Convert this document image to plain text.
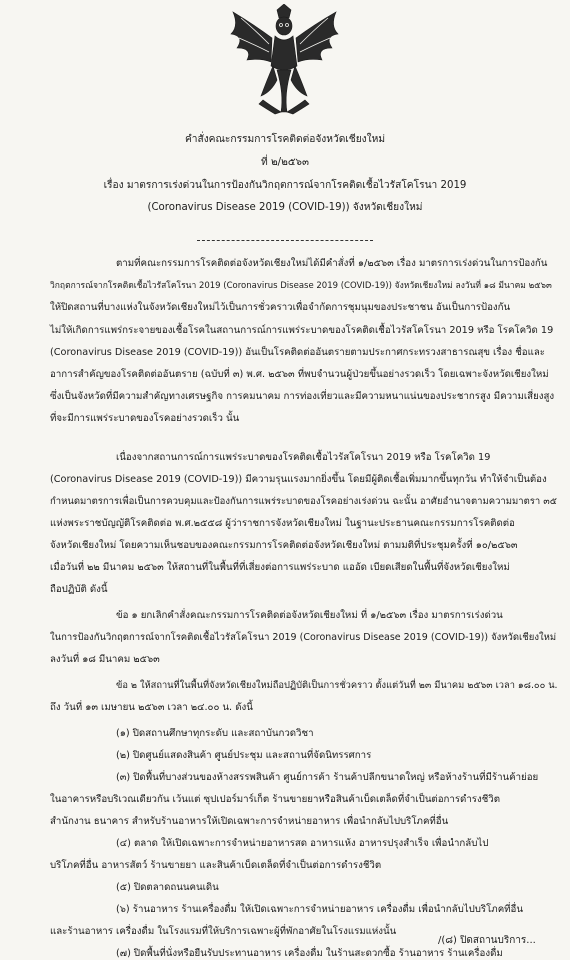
คำสั่งคณะกรรมการโรคติดต่อจังหวัดเชียงใหม่
ที่ ๒/๒๕๖๓
เรื่อง มาตรการเร่งด่วนในการป้องกันวิกฤตการณ์จากโรคติดเชื้อไวรัสโคโรนา 2019
(Coronavirus Disease 2019 (COVID-19)) จังหวัดเชียงใหม่
ตามที่คณะกรรมการโรคติดต่อจังหวัดเชียงใหม่ได้มีคำสั่งที่ ๑/๒๕๖๓ เรื่อง มาตรการเร่งด่วนในการป้องกัน
วิกฤตการณ์จากโรคติดเชื้อไวรัสโคโรนา 2019 (Coronavirus Disease 2019 (COVID-19)) จังหวัดเชียงใหม่ ลงวันที่ ๑๘ มีนาคม ๒๕๖๓
ให้ปิดสถานที่บางแห่งในจังหวัดเชียงใหม่ไว้เป็นการชั่วคราวเพื่อจำกัดการชุมนุมของประชาชน อันเป็นการป้องกัน
ไม่ให้เกิดการแพร่กระจายของเชื้อโรคในสถานการณ์การแพร่ระบาดของโรคติดเชื้อไวรัสโคโรนา 2019 หรือ โรคโควิด 19
(Coronavirus Disease 2019 (COVID-19)) อันเป็นโรคติดต่ออันตรายตามประกาศกระทรวงสาธารณสุข เรื่อง ชื่อและ
อาการสำคัญของโรคติดต่ออันตราย (ฉบับที่ ๓) พ.ศ. ๒๕๖๓ ที่พบจำนวนผู้ป่วยขึ้นอย่างรวดเร็ว โดยเฉพาะจังหวัดเชียงใหม่
ซึ่งเป็นจังหวัดที่มีความสำคัญทางเศรษฐกิจ การคมนาคม การท่องเที่ยวและมีความหนาแน่นของประชากรสูง มีความเสี่ยงสูง
ที่จะมีการแพร่ระบาดของโรคอย่างรวดเร็ว นั้น
เนื่องจากสถานการณ์การแพร่ระบาดของโรคติดเชื้อไวรัสโคโรนา 2019 หรือ โรคโควิด 19
(Coronavirus Disease 2019 (COVID-19)) มีความรุนแรงมากยิ่งขึ้น โดยมีผู้ติดเชื้อเพิ่มมากขึ้นทุกวัน ทำให้จำเป็นต้อง
กำหนดมาตรการเพื่อเป็นการควบคุมและป้องกันการแพร่ระบาดของโรคอย่างเร่งด่วน ฉะนั้น อาศัยอำนาจตามความมาตรา ๓๕
แห่งพระราชบัญญัติโรคติดต่อ พ.ศ.๒๕๕๘ ผู้ว่าราชการจังหวัดเชียงใหม่ ในฐานะประธานคณะกรรมการโรคติดต่อ
จังหวัดเชียงใหม่ โดยความเห็นชอบของคณะกรรมการโรคติดต่อจังหวัดเชียงใหม่ ตามมติที่ประชุมครั้งที่ ๑๐/๒๕๖๓
เมื่อวันที่ ๒๒ มีนาคม ๒๕๖๓ ให้สถานที่ในพื้นที่ที่เสี่ยงต่อการแพร่ระบาด แออัด เบียดเสียดในพื้นที่จังหวัดเชียงใหม่
ถือปฏิบัติ ดังนี้
ข้อ ๑ ยกเลิกคำสั่งคณะกรรมการโรคติดต่อจังหวัดเชียงใหม่ ที่ ๑/๒๕๖๓ เรื่อง มาตรการเร่งด่วน
ในการป้องกันวิกฤตการณ์จากโรคติดเชื้อไวรัสโคโรนา 2019 (Coronavirus Disease 2019 (COVID-19)) จังหวัดเชียงใหม่
ลงวันที่ ๑๘ มีนาคม ๒๕๖๓
ข้อ ๒ ให้สถานที่ในพื้นที่จังหวัดเชียงใหม่ถือปฏิบัติเป็นการชั่วคราว ตั้งแต่วันที่ ๒๓ มีนาคม ๒๕๖๓ เวลา ๑๘.๐๐ น.
ถึง วันที่ ๑๓ เมษายน ๒๕๖๓ เวลา ๒๔.๐๐ น. ดังนี้
(๑) ปิดสถานศึกษาทุกระดับ และสถาบันกวดวิชา
(๒) ปิดศูนย์แสดงสินค้า ศูนย์ประชุม และสถานที่จัดนิทรรศการ
(๓) ปิดพื้นที่บางส่วนของห้างสรรพสินค้า ศูนย์การค้า ร้านค้าปลีกขนาดใหญ่ หรือห้างร้านที่มีร้านค้าย่อย
ในอาคารหรือบริเวณเดียวกัน เว้นแต่ ซุปเปอร์มาร์เก็ต ร้านขายยาหรือสินค้าเบ็ดเตล็ดที่จำเป็นต่อการดำรงชีวิต
สำนักงาน ธนาคาร สำหรับร้านอาหารให้เปิดเฉพาะการจำหน่ายอาหาร เพื่อนำกลับไปบริโภคที่อื่น
(๔) ตลาด ให้เปิดเฉพาะการจำหน่ายอาหารสด อาหารแห้ง อาหารปรุงสำเร็จ เพื่อนำกลับไป
บริโภคที่อื่น อาหารสัตว์ ร้านขายยา และสินค้าเบ็ดเตล็ดที่จำเป็นต่อการดำรงชีวิต
(๕) ปิดตลาดถนนคนเดิน
(๖) ร้านอาหาร ร้านเครื่องดื่ม ให้เปิดเฉพาะการจำหน่ายอาหาร เครื่องดื่ม เพื่อนำกลับไปบริโภคที่อื่น
และร้านอาหาร เครื่องดื่ม ในโรงแรมที่ให้บริการเฉพาะผู้ที่พักอาศัยในโรงแรมแห่งนั้น
(๗) ปิดพื้นที่นั่งหรือยืนรับประทานอาหาร เครื่องดื่ม ในร้านสะดวกซื้อ ร้านอาหาร ร้านเครื่องดื่ม
/(๘) ปิดสถานบริการ...
